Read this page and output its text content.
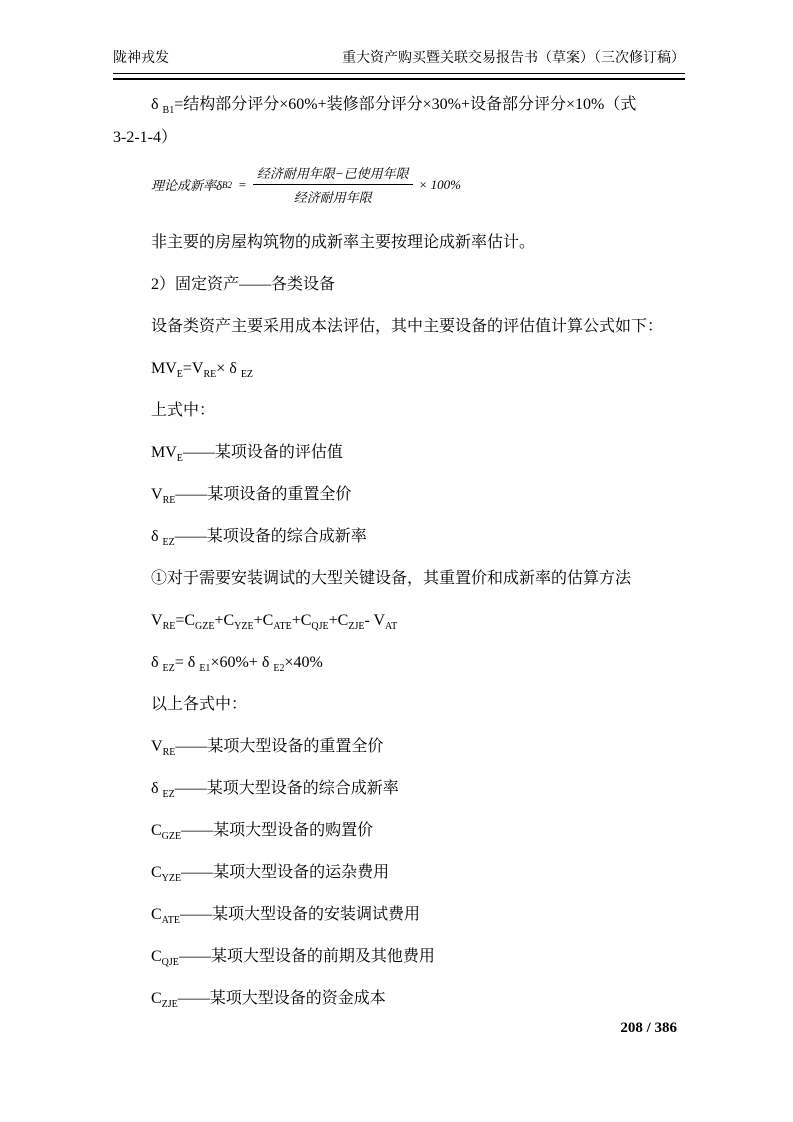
陇神戎发	重大资产购买暨关联交易报告书（草案）（三次修订稿）

δ $_{B1}$=结构部分评分×60%+装修部分评分×30%+设备部分评分×10%（式
3-2-1-4）

理论成新率δ $B2 = \frac{\text{经济耐用年限−已使用年限}}{\text{经济耐用年限}} \times 100\%$

非主要的房屋构筑物的成新率主要按理论成新率估计。

2）固定资产——各类设备

设备类资产主要采用成本法评估，其中主要设备的评估值计算公式如下：

$MV_E=V_{RE}\times \delta$ $_{EZ}$

上式中：

$MV_E——$某项设备的评估值

$V_{RE}——$某项设备的重置全价

δ $_{EZ}$——某项设备的综合成新率

①对于需要安装调试的大型关键设备，其重置价和成新率的估算方法

$V_{RE}=C_{GZE}+C_{YZE}+C_{ATE}+C_{QJE}+C_{ZJE}-$ $V_{AT}$

δ $_{EZ}$= δ $_{E1}$×60%+ δ $_{E2}$×40%

以上各式中：

$V_{RE}——$某项大型设备的重置全价

δ $_{EZ}$——某项大型设备的综合成新率

$C_{GZE}——$某项大型设备的购置价

$C_{YZE}——$某项大型设备的运杂费用

$C_{ATE}——$某项大型设备的安装调试费用

$C_{QJE}——$某项大型设备的前期及其他费用

$C_{ZJE}——$某项大型设备的资金成本

208 / 386
